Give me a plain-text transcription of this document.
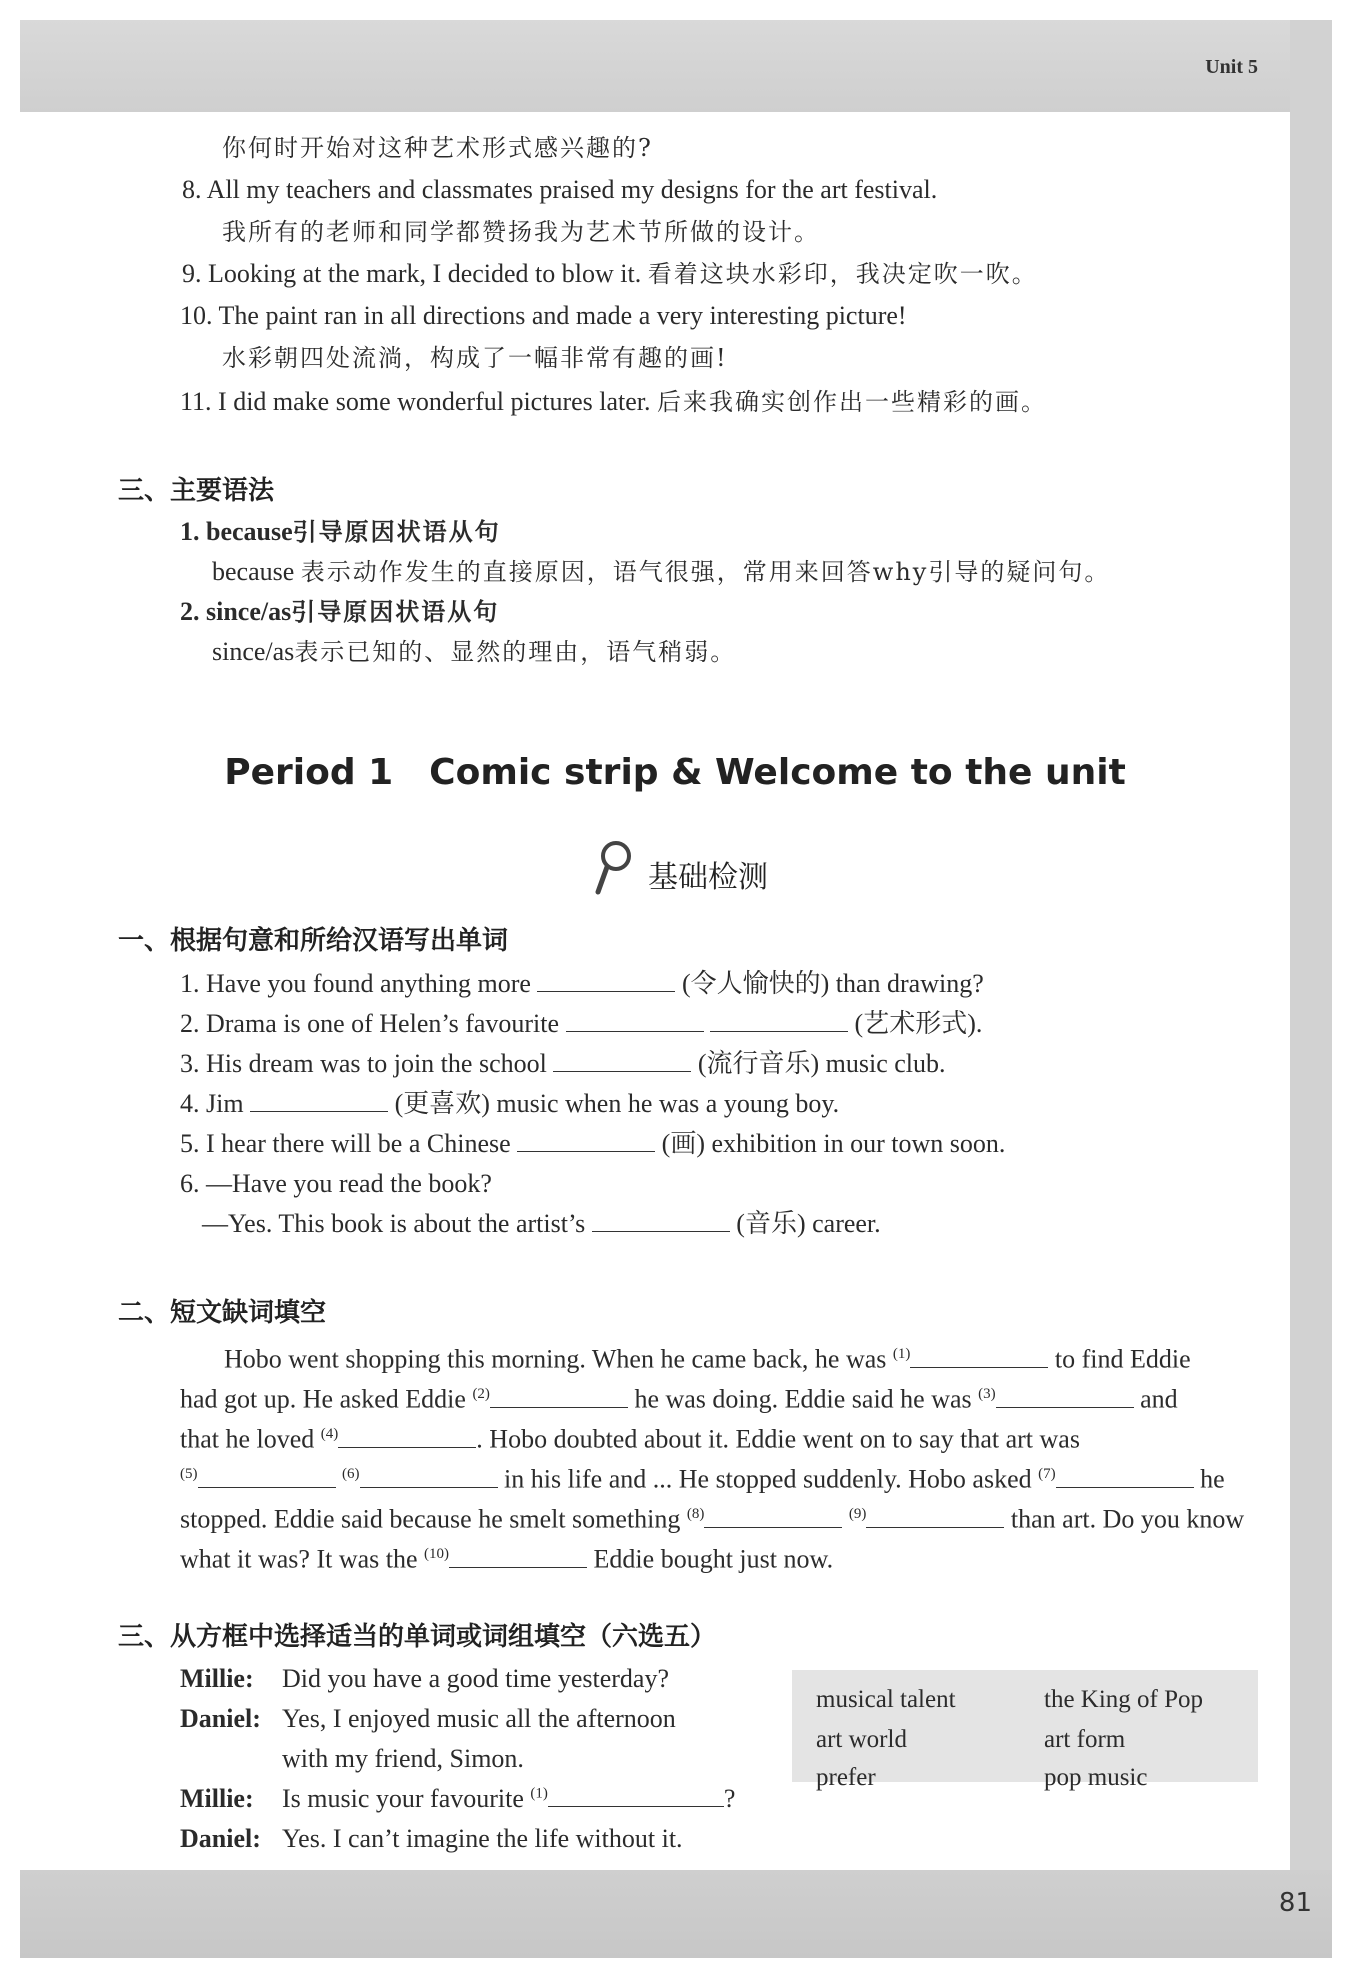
Unit 5
81
你何时开始对这种艺术形式感兴趣的?
8. All my teachers and classmates praised my designs for the art festival.
我所有的老师和同学都赞扬我为艺术节所做的设计。
9. Looking at the mark, I decided to blow it. 看着这块水彩印，我决定吹一吹。
10. The paint ran in all directions and made a very interesting picture!
水彩朝四处流淌，构成了一幅非常有趣的画!
11. I did make some wonderful pictures later. 后来我确实创作出一些精彩的画。
三、主要语法
1. because引导原因状语从句
because 表示动作发生的直接原因，语气很强，常用来回答why引导的疑问句。
2. since/as引导原因状语从句
since/as表示已知的、显然的理由，语气稍弱。
Period 1 Comic strip & Welcome to the unit
基础检测
一、根据句意和所给汉语写出单词
1. Have you found anything more	(令人愉快的) than drawing?
2. Drama is one of Helen’s favourite	(艺术形式).
3. His dream was to join the school	(流行音乐) music club.
4. Jim	(更喜欢) music when he was a young boy.
5. I hear there will be a Chinese	(画) exhibition in our town soon.
6. —Have you read the book?
—Yes. This book is about the artist’s	(音乐) career.
二、短文缺词填空
Hobo went shopping this morning. When he came back, he was $^{(1)}$	to find Eddie
had got up. He asked Eddie $^{(2)}$	he was doing. Eddie said he was $^{(3)}$	and
that he loved $^{(4)}$	. Hobo doubted about it. Eddie went on to say that art was
$^{(5)}$	$^{(6)}$	in his life and ... He stopped suddenly. Hobo asked $^{(7)}$	he
stopped. Eddie said because he smelt something $^{(8)}$	$^{(9)}$	than art. Do you know
what it was? It was the $^{(10)}$	Eddie bought just now.
三、从方框中选择适当的单词或词组填空（六选五）
Millie: Did you have a good time yesterday?
Daniel: Yes, I enjoyed music all the afternoon
with my friend, Simon.
Millie: Is music your favourite $^{(1)}$	?
Daniel: Yes. I can’t imagine the life without it.
musical talent	the King of Pop
art world	art form
prefer	pop music
